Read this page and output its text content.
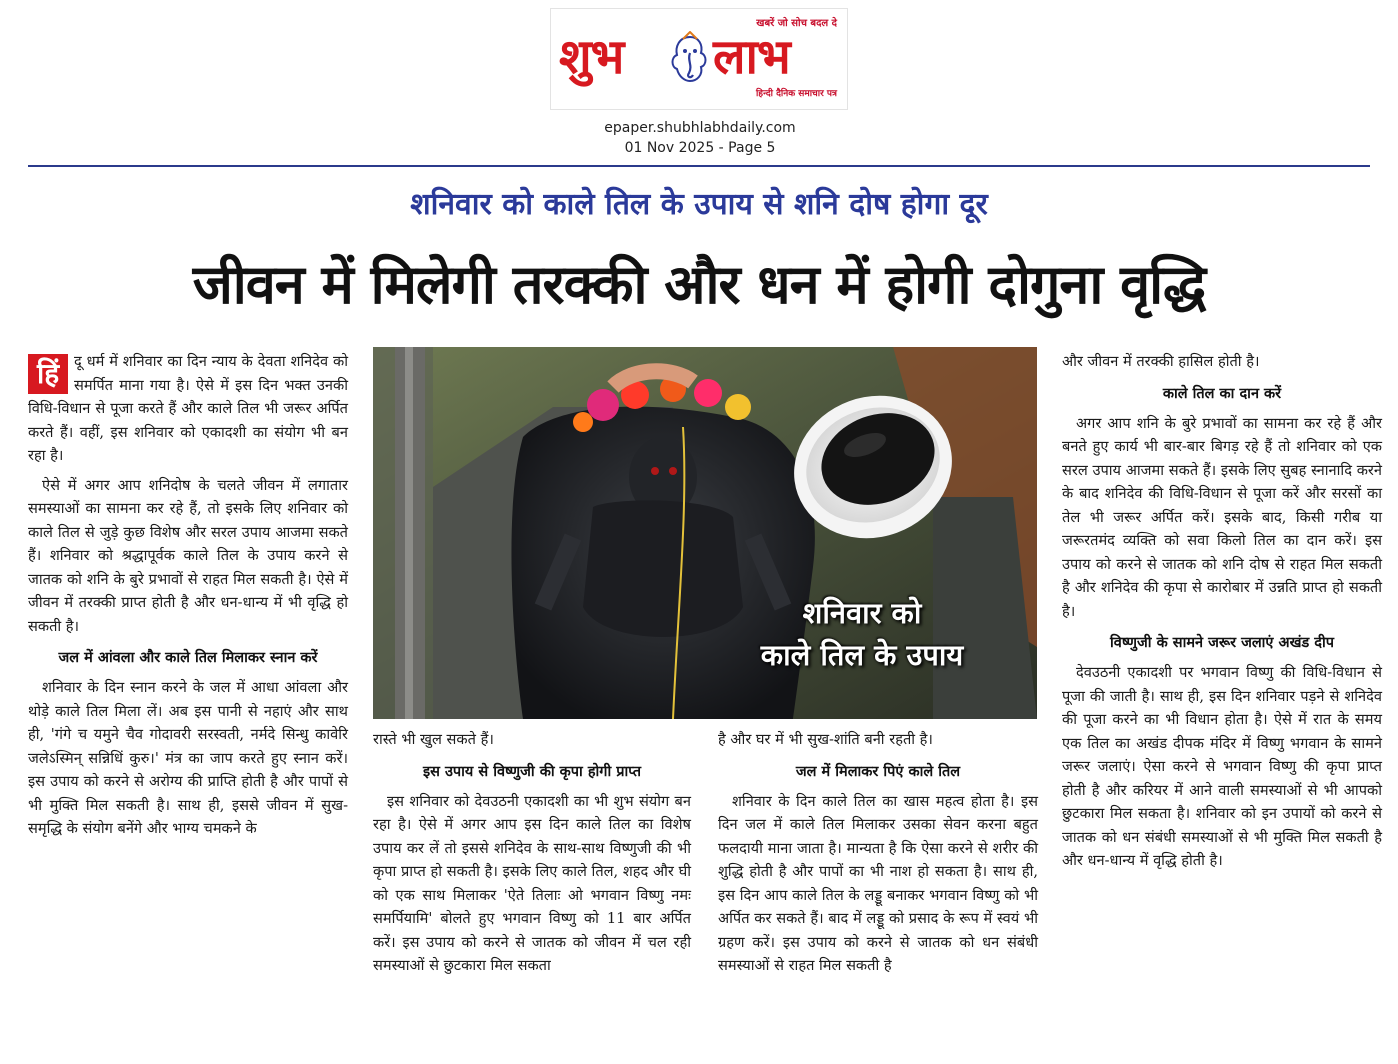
खबरें जो सोच बदल दे
शुभ लाभ
हिन्दी दैनिक समाचार पत्र
epaper.shubhlabhdaily.com
01 Nov 2025 - Page 5
शनिवार को काले तिल के उपाय से शनि दोष होगा दूर
जीवन में मिलेगी तरक्की और धन में होगी दोगुना वृद्धि

हिं	दू धर्म में शनिवार का दिन न्याय के देवता शनिदेव को समर्पित माना गया है। ऐसे में इस दिन भक्त उनकी विधि-विधान से पूजा करते हैं और काले तिल भी जरूर अर्पित करते हैं। वहीं, इस शनिवार को एकादशी का संयोग भी बन रहा है।

ऐसे में अगर आप शनिदोष के चलते जीवन में लगातार समस्याओं का सामना कर रहे हैं, तो इसके लिए शनिवार को काले तिल से जुड़े कुछ विशेष और सरल उपाय आजमा सकते हैं। शनिवार को श्रद्धापूर्वक काले तिल के उपाय करने से जातक को शनि के बुरे प्रभावों से राहत मिल सकती है। ऐसे में जीवन में तरक्की प्राप्त होती है और धन-धान्य में भी वृद्धि हो सकती है।

जल में आंवला और काले तिल मिलाकर स्नान करें

शनिवार के दिन स्नान करने के जल में आधा आंवला और थोड़े काले तिल मिला लें। अब इस पानी से नहाएं और साथ ही, 'गंगे च यमुने चैव गोदावरी सरस्वती, नर्मदे सिन्धु कावेरि जलेऽस्मिन् सन्निधिं कुरु।' मंत्र का जाप करते हुए स्नान करें। इस उपाय को करने से अरोग्य की प्राप्ति होती है और पापों से भी मुक्ति मिल सकती है। साथ ही, इससे जीवन में सुख-समृद्धि के संयोग बनेंगे और भाग्य चमकने के

शनिवार को
काले तिल के उपाय

रास्ते भी खुल सकते हैं।

इस उपाय से विष्णुजी की कृपा होगी प्राप्त

इस शनिवार को देवउठनी एकादशी का भी शुभ संयोग बन रहा है। ऐसे में अगर आप इस दिन काले तिल का विशेष उपाय कर लें तो इससे शनिदेव के साथ-साथ विष्णुजी की भी कृपा प्राप्त हो सकती है। इसके लिए काले तिल, शहद और घी को एक साथ मिलाकर 'ऐते तिलाः ओ भगवान विष्णु नमः समर्पियामि' बोलते हुए भगवान विष्णु को 11 बार अर्पित करें। इस उपाय को करने से जातक को जीवन में चल रही समस्याओं से छुटकारा मिल सकता

है और घर में भी सुख-शांति बनी रहती है।

जल में मिलाकर पिएं काले तिल

शनिवार के दिन काले तिल का खास महत्व होता है। इस दिन जल में काले तिल मिलाकर उसका सेवन करना बहुत फलदायी माना जाता है। मान्यता है कि ऐसा करने से शरीर की शुद्धि होती है और पापों का भी नाश हो सकता है। साथ ही, इस दिन आप काले तिल के लड्डू बनाकर भगवान विष्णु को भी अर्पित कर सकते हैं। बाद में लड्डू को प्रसाद के रूप में स्वयं भी ग्रहण करें। इस उपाय को करने से जातक को धन संबंधी समस्याओं से राहत मिल सकती है

और जीवन में तरक्की हासिल होती है।

काले तिल का दान करें

अगर आप शनि के बुरे प्रभावों का सामना कर रहे हैं और बनते हुए कार्य भी बार-बार बिगड़ रहे हैं तो शनिवार को एक सरल उपाय आजमा सकते हैं। इसके लिए सुबह स्नानादि करने के बाद शनिदेव की विधि-विधान से पूजा करें और सरसों का तेल भी जरूर अर्पित करें। इसके बाद, किसी गरीब या जरूरतमंद व्यक्ति को सवा किलो तिल का दान करें। इस उपाय को करने से जातक को शनि दोष से राहत मिल सकती है और शनिदेव की कृपा से कारोबार में उन्नति प्राप्त हो सकती है।

विष्णुजी के सामने जरूर जलाएं अखंड दीप

देवउठनी एकादशी पर भगवान विष्णु की विधि-विधान से पूजा की जाती है। साथ ही, इस दिन शनिवार पड़ने से शनिदेव की पूजा करने का भी विधान होता है। ऐसे में रात के समय एक तिल का अखंड दीपक मंदिर में विष्णु भगवान के सामने जरूर जलाएं। ऐसा करने से भगवान विष्णु की कृपा प्राप्त होती है और करियर में आने वाली समस्याओं से भी आपको छुटकारा मिल सकता है। शनिवार को इन उपायों को करने से जातक को धन संबंधी समस्याओं से भी मुक्ति मिल सकती है और धन-धान्य में वृद्धि होती है।
